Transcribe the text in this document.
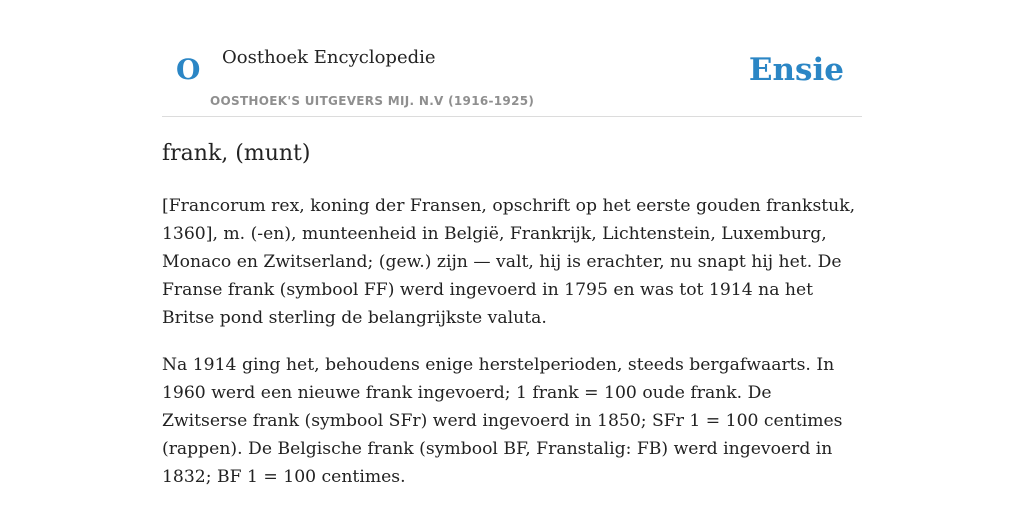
O Oosthoek Encyclopedie
OOSTHOEK'S UITGEVERS MIJ. N.V (1916-1925)
Ensie
frank, (munt)

[Francorum rex, koning der Fransen, opschrift op het eerste gouden frankstuk, 1360], m. (-en), munteenheid in België, Frankrijk, Lichtenstein, Luxemburg, Monaco en Zwitserland; (gew.) zijn — valt, hij is erachter, nu snapt hij het. De Franse frank (symbool FF) werd ingevoerd in 1795 en was tot 1914 na het Britse pond sterling de belangrijkste valuta.

Na 1914 ging het, behoudens enige herstelperioden, steeds bergafwaarts. In 1960 werd een nieuwe frank ingevoerd; 1 frank = 100 oude frank. De Zwitserse frank (symbool SFr) werd ingevoerd in 1850; SFr 1 = 100 centimes (rappen). De Belgische frank (symbool BF, Franstalig: FB) werd ingevoerd in 1832; BF 1 = 100 centimes.
